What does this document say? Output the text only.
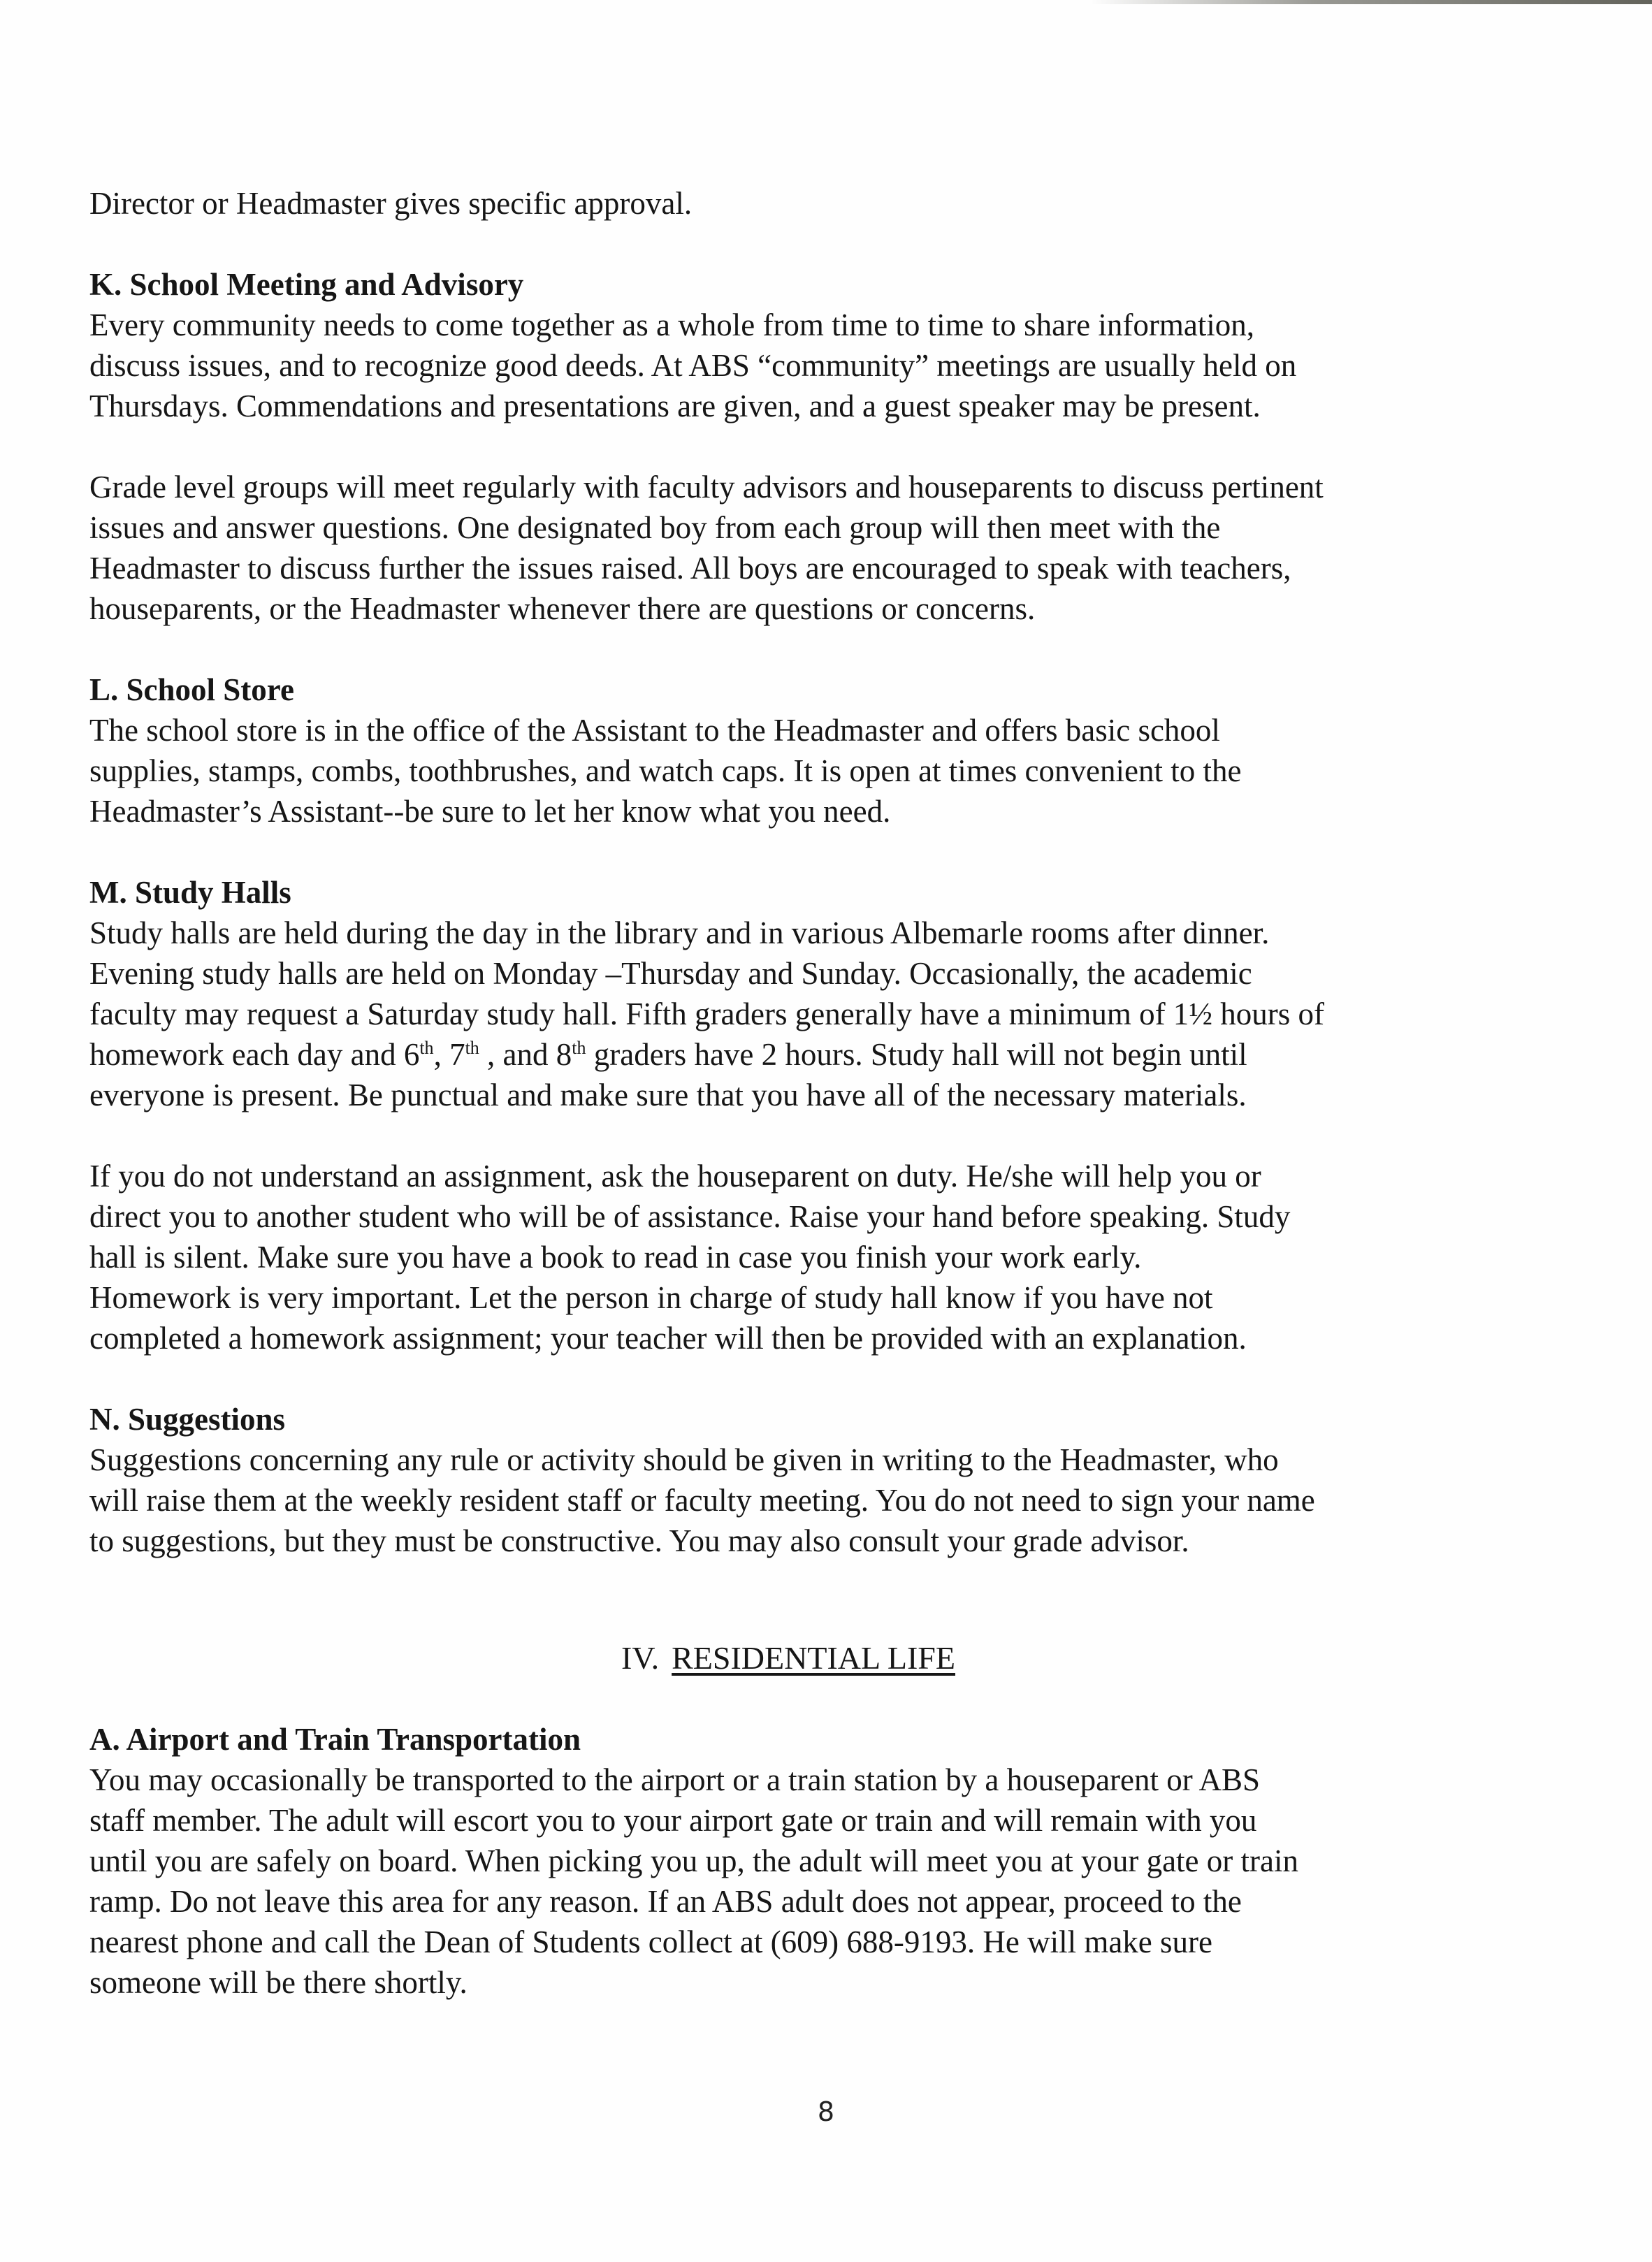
Director or Headmaster gives specific approval.

K. School Meeting and Advisory

Every community needs to come together as a whole from time to time to share information,
discuss issues, and to recognize good deeds. At ABS “community” meetings are usually held on
Thursdays. Commendations and presentations are given, and a guest speaker may be present.

Grade level groups will meet regularly with faculty advisors and houseparents to discuss pertinent
issues and answer questions. One designated boy from each group will then meet with the
Headmaster to discuss further the issues raised. All boys are encouraged to speak with teachers,
houseparents, or the Headmaster whenever there are questions or concerns.

L. School Store

The school store is in the office of the Assistant to the Headmaster and offers basic school
supplies, stamps, combs, toothbrushes, and watch caps. It is open at times convenient to the
Headmaster’s Assistant--be sure to let her know what you need.

M. Study Halls

Study halls are held during the day in the library and in various Albemarle rooms after dinner.
Evening study halls are held on Monday –Thursday and Sunday. Occasionally, the academic
faculty may request a Saturday study hall. Fifth graders generally have a minimum of 1½ hours of
homework each day and 6th, 7th , and 8th graders have 2 hours. Study hall will not begin until
everyone is present. Be punctual and make sure that you have all of the necessary materials.

If you do not understand an assignment, ask the houseparent on duty. He/she will help you or
direct you to another student who will be of assistance. Raise your hand before speaking. Study
hall is silent. Make sure you have a book to read in case you finish your work early.
Homework is very important. Let the person in charge of study hall know if you have not
completed a homework assignment; your teacher will then be provided with an explanation.

N. Suggestions

Suggestions concerning any rule or activity should be given in writing to the Headmaster, who
will raise them at the weekly resident staff or faculty meeting. You do not need to sign your name
to suggestions, but they must be constructive. You may also consult your grade advisor.

IV. RESIDENTIAL LIFE

A. Airport and Train Transportation

You may occasionally be transported to the airport or a train station by a houseparent or ABS
staff member. The adult will escort you to your airport gate or train and will remain with you
until you are safely on board. When picking you up, the adult will meet you at your gate or train
ramp. Do not leave this area for any reason. If an ABS adult does not appear, proceed to the
nearest phone and call the Dean of Students collect at (609) 688-9193. He will make sure
someone will be there shortly.

8
